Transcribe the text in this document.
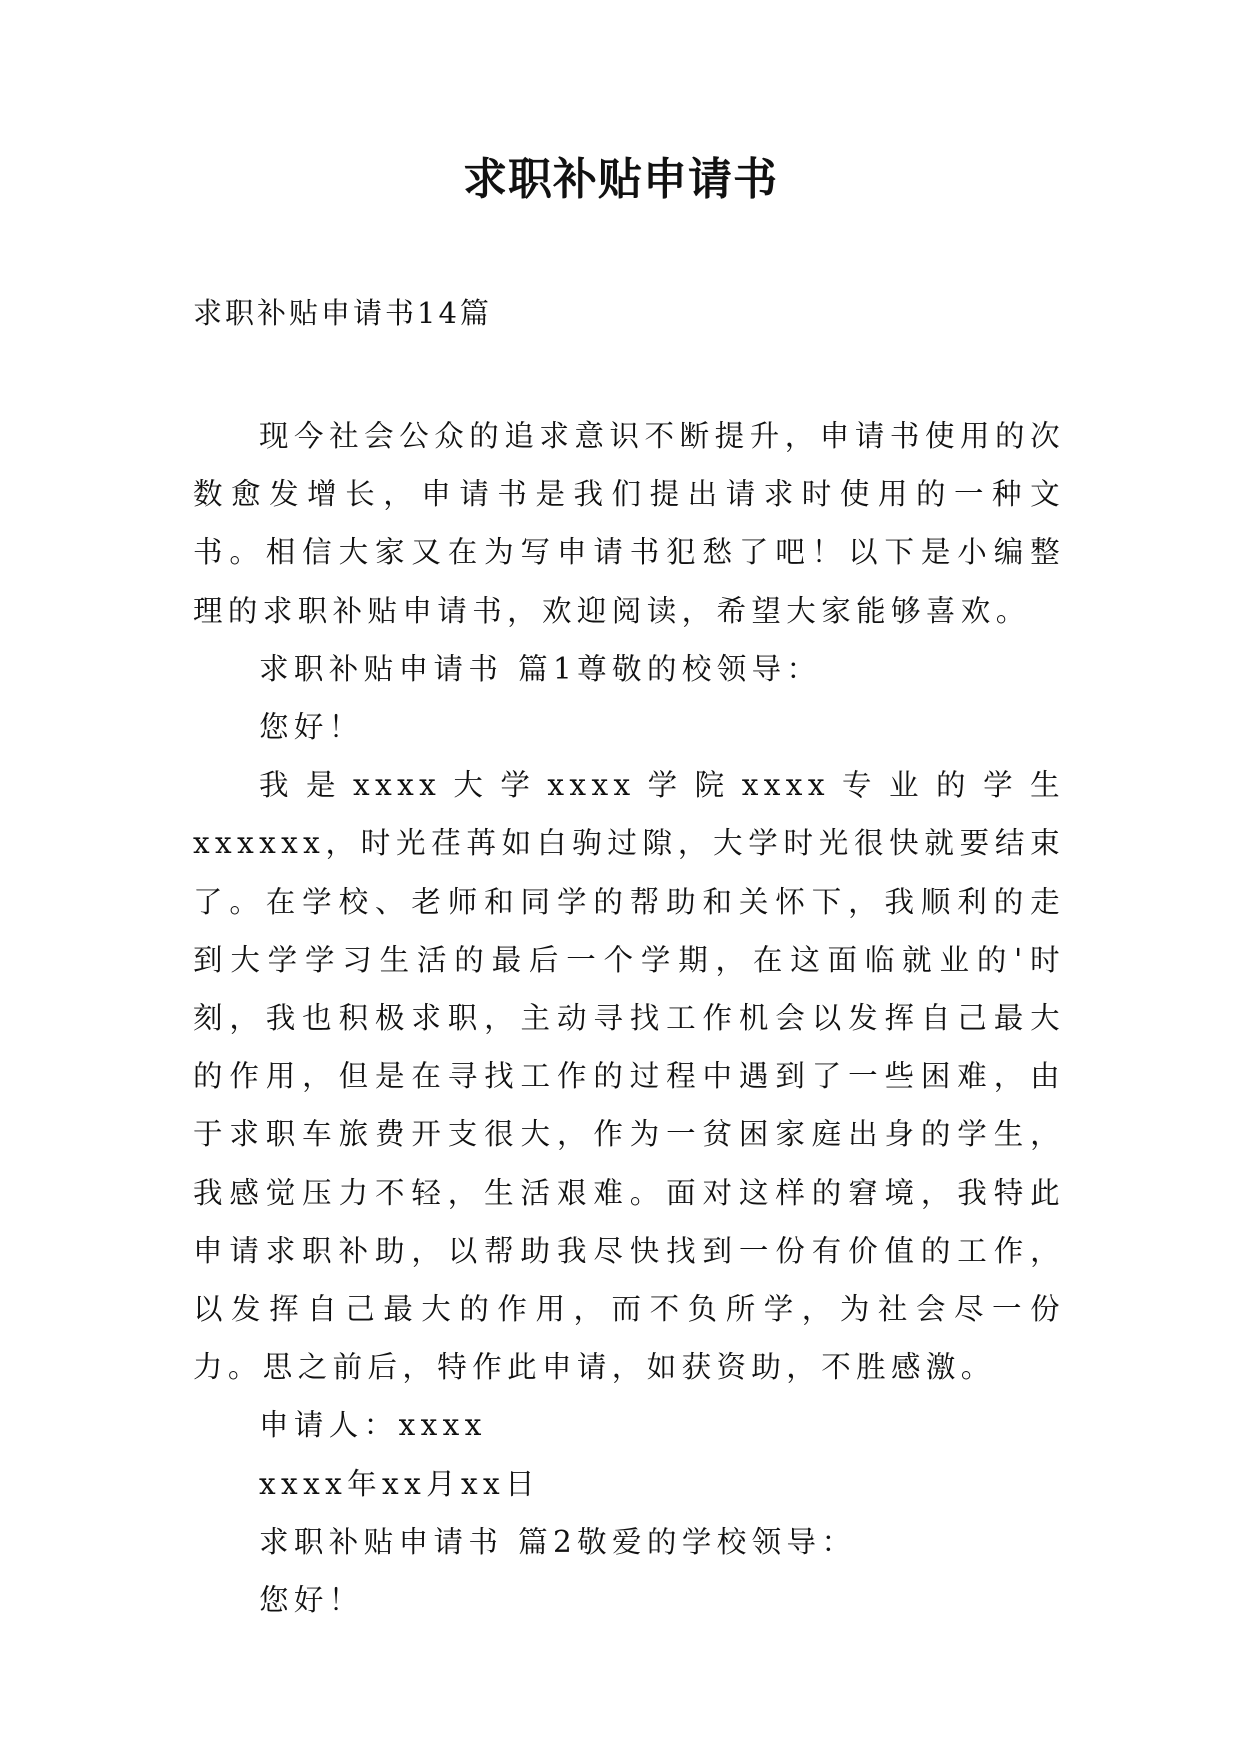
求职补贴申请书

求职补贴申请书14篇

现今社会公众的追求意识不断提升，申请书使用的次数愈发增长，申请书是我们提出请求时使用的一种文书。相信大家又在为写申请书犯愁了吧！以下是小编整理的求职补贴申请书，欢迎阅读，希望大家能够喜欢。

求职补贴申请书 篇1尊敬的校领导：

您好！

我是xxxx大学xxxx学院xxxx专业的学生xxxxxx，时光荏苒如白驹过隙，大学时光很快就要结束了。在学校、老师和同学的帮助和关怀下，我顺利的走到大学学习生活的最后一个学期，在这面临就业的'时刻，我也积极求职，主动寻找工作机会以发挥自己最大的作用，但是在寻找工作的过程中遇到了一些困难，由于求职车旅费开支很大，作为一贫困家庭出身的学生，我感觉压力不轻，生活艰难。面对这样的窘境，我特此申请求职补助，以帮助我尽快找到一份有价值的工作，以发挥自己最大的作用，而不负所学，为社会尽一份力。思之前后，特作此申请，如获资助，不胜感激。

申请人：xxxx

xxxx年xx月xx日

求职补贴申请书 篇2敬爱的学校领导：

您好！
